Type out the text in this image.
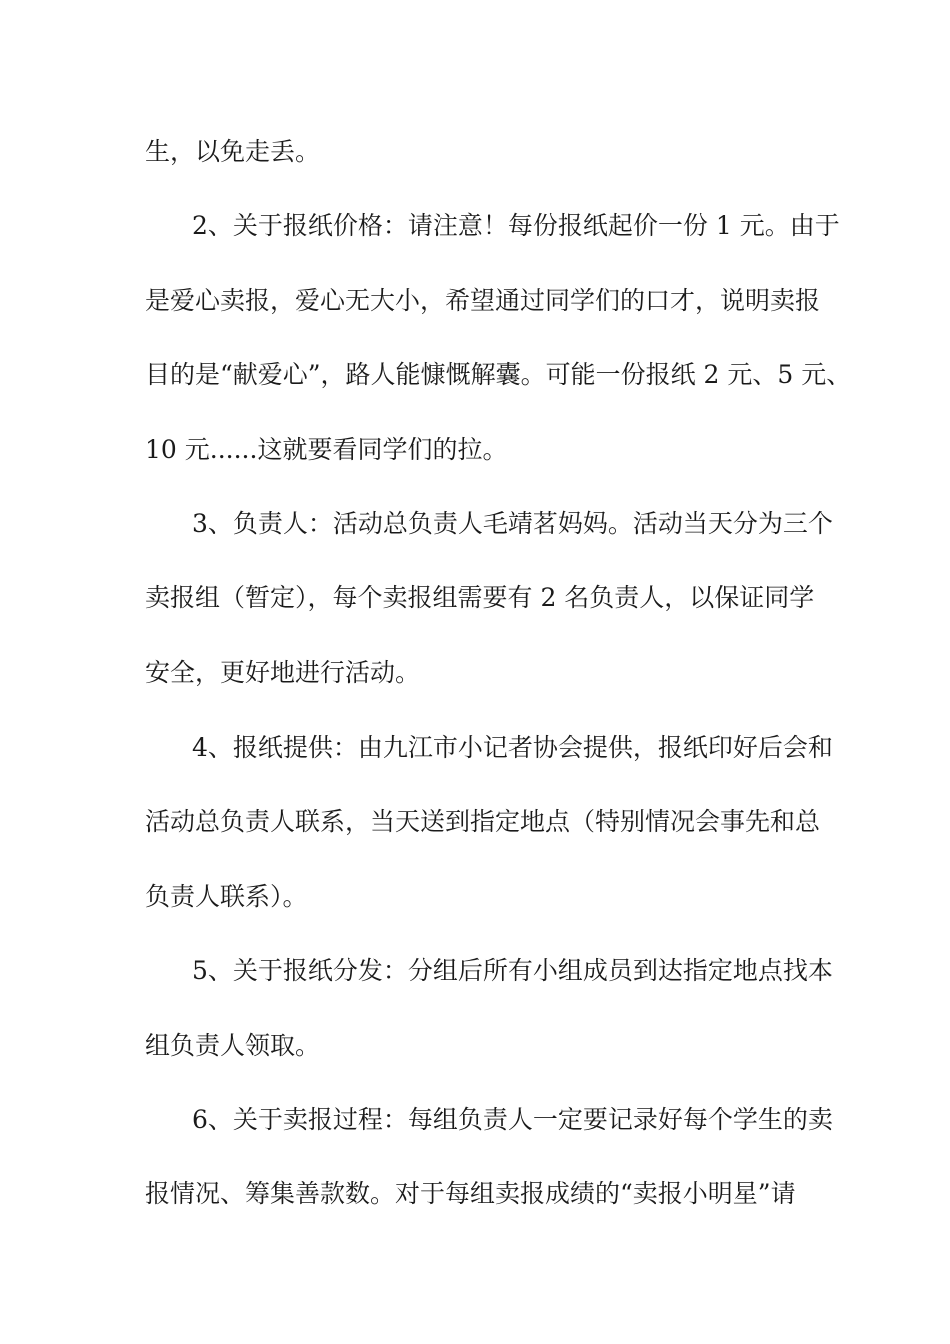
生，以免走丢。

2、关于报纸价格：请注意！每份报纸起价一份 1 元。由于

是爱心卖报，爱心无大小，希望通过同学们的口才，说明卖报

目的是“献爱心”，路人能慷慨解囊。可能一份报纸 2 元、5 元、

10 元......这就要看同学们的拉。

3、负责人：活动总负责人毛靖茗妈妈。活动当天分为三个

卖报组（暂定），每个卖报组需要有 2 名负责人，以保证同学

安全，更好地进行活动。

4、报纸提供：由九江市小记者协会提供，报纸印好后会和

活动总负责人联系，当天送到指定地点（特别情况会事先和总

负责人联系）。

5、关于报纸分发：分组后所有小组成员到达指定地点找本

组负责人领取。

6、关于卖报过程：每组负责人一定要记录好每个学生的卖

报情况、筹集善款数。对于每组卖报成绩的“卖报小明星”请
